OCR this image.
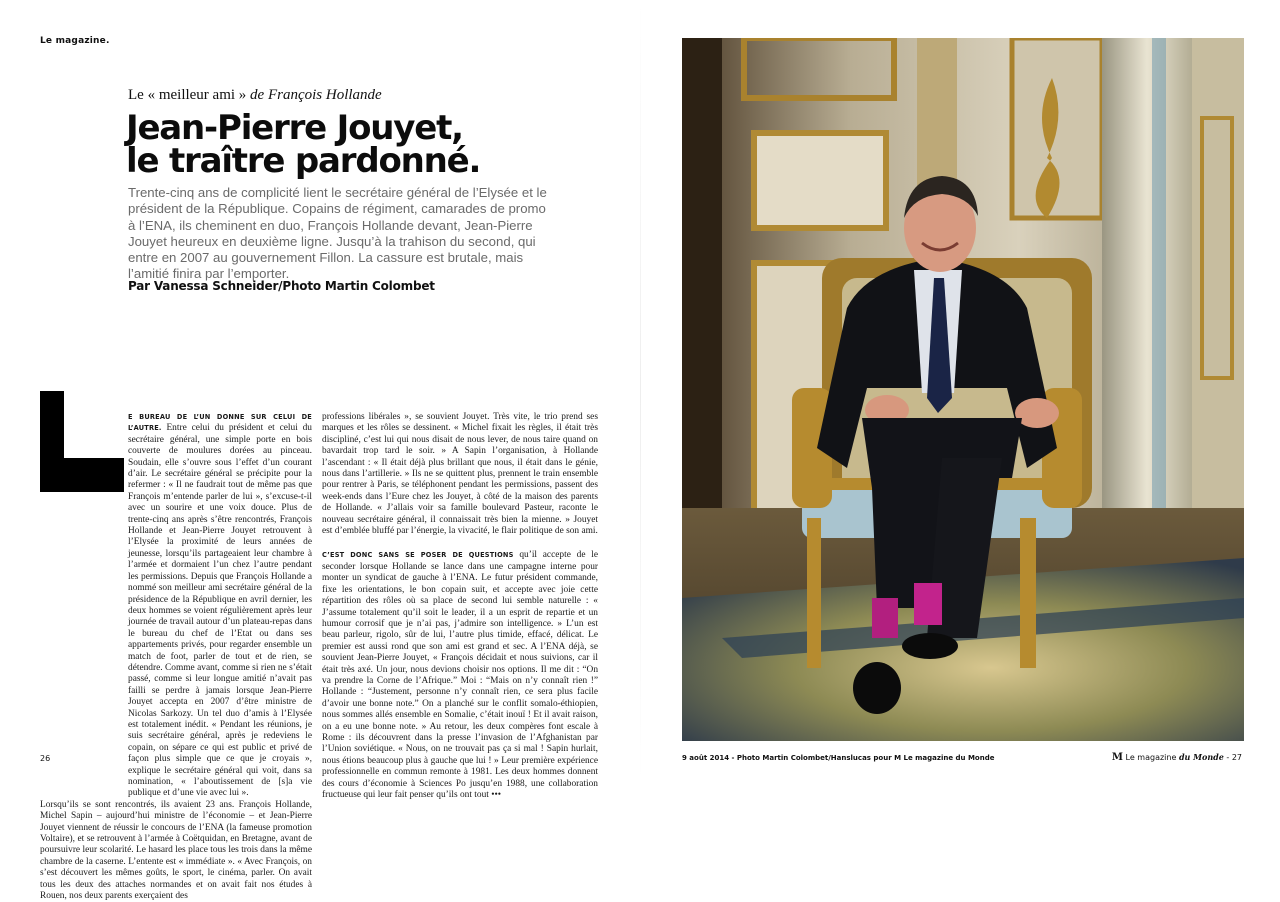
Le magazine.
Le « meilleur ami » de François Hollande
Jean-Pierre Jouyet,
le traître pardonné.

Trente-cinq ans de complicité lient le secrétaire général de l’Elysée et le président de la République. Copains de régiment, camarades de promo à l’ENA, ils cheminent en duo, François Hollande devant, Jean-Pierre Jouyet heureux en deuxième ligne. Jusqu’à la trahison du second, qui entre en 2007 au gouvernement Fillon. La cassure est brutale, mais l’amitié finira par l’emporter.

Par Vanessa Schneider/Photo Martin Colombet

E BUREAU DE L’UN DONNE SUR CELUI DE L’AUTRE. Entre celui du président et celui du secrétaire général, une simple porte en bois couverte de moulures dorées au pinceau. Soudain, elle s’ouvre sous l’effet d’un courant d’air. Le secrétaire général se précipite pour la refermer : « Il ne faudrait tout de même pas que François m’entende parler de lui », s’excuse-t-il avec un sourire et une voix douce. Plus de trente-cinq ans après s’être rencontrés, François Hollande et Jean-Pierre Jouyet retrouvent à l’Elysée la proximité de leurs années de jeunesse, lorsqu’ils partageaient leur chambre à l’armée et dormaient l’un chez l’autre pendant les permissions. Depuis que François Hollande a nommé son meilleur ami secrétaire général de la présidence de la République en avril dernier, les deux hommes se voient régulièrement après leur journée de travail autour d’un plateau-repas dans le bureau du chef de l’Etat ou dans ses appartements privés, pour regarder ensemble un match de foot, parler de tout et de rien, se détendre. Comme avant, comme si rien ne s’était passé, comme si leur longue amitié n’avait pas failli se perdre à jamais lorsque Jean-Pierre Jouyet accepta en 2007 d’être ministre de Nicolas Sarkozy. Un tel duo d’amis à l’Elysée est totalement inédit. « Pendant les réunions, je suis secrétaire général, après je redeviens le copain, on sépare ce qui est public et privé de façon plus simple que ce que je croyais », explique le secrétaire général qui voit, dans sa nomination, « l’aboutissement de [s]a vie publique et d’une vie avec lui ».

Lorsqu’ils se sont rencontrés, ils avaient 23 ans. François Hollande, Michel Sapin – aujourd’hui ministre de l’économie – et Jean-Pierre Jouyet viennent de réussir le concours de l’ENA (la fameuse promotion Voltaire), et se retrouvent à l’armée à Coëtquidan, en Bretagne, avant de poursuivre leur scolarité. Le hasard les place tous les trois dans la même chambre de la caserne. L’entente est « immédiate ». « Avec François, on s’est découvert les mêmes goûts, le sport, le cinéma, parler. On avait tous les deux des attaches normandes et on avait fait nos études à Rouen, nos deux parents exerçaient des

professions libérales », se souvient Jouyet. Très vite, le trio prend ses marques et les rôles se dessinent. « Michel fixait les règles, il était très discipliné, c’est lui qui nous disait de nous lever, de nous taire quand on bavardait trop tard le soir. » A Sapin l’organisation, à Hollande l’ascendant : « Il était déjà plus brillant que nous, il était dans le génie, nous dans l’artillerie. » Ils ne se quittent plus, prennent le train ensemble pour rentrer à Paris, se téléphonent pendant les permissions, passent des week-ends dans l’Eure chez les Jouyet, à côté de la maison des parents de Hollande. « J’allais voir sa famille boulevard Pasteur, raconte le nouveau secrétaire général, il connaissait très bien la mienne. » Jouyet est d’emblée bluffé par l’énergie, la vivacité, le flair politique de son ami.

C’EST DONC SANS SE POSER DE QUESTIONS qu’il accepte de le seconder lorsque Hollande se lance dans une campagne interne pour monter un syndicat de gauche à l’ENA. Le futur président commande, fixe les orientations, le bon copain suit, et accepte avec joie cette répartition des rôles où sa place de second lui semble naturelle : « J’assume totalement qu’il soit le leader, il a un esprit de repartie et un humour corrosif que je n’ai pas, j’admire son intelligence. » L’un est beau parleur, rigolo, sûr de lui, l’autre plus timide, effacé, délicat. Le premier est aussi rond que son ami est grand et sec. A l’ENA déjà, se souvient Jean-Pierre Jouyet, « François décidait et nous suivions, car il était très axé. Un jour, nous devions choisir nos options. Il me dit : “On va prendre la Corne de l’Afrique.” Moi : “Mais on n’y connaît rien !” Hollande : “Justement, personne n’y connaît rien, ce sera plus facile d’avoir une bonne note.” On a planché sur le conflit somalo-éthiopien, nous sommes allés ensemble en Somalie, c’était inouï ! Et il avait raison, on a eu une bonne note. » Au retour, les deux compères font escale à Rome : ils découvrent dans la presse l’invasion de l’Afghanistan par l’Union soviétique. « Nous, on ne trouvait pas ça si mal ! Sapin hurlait, nous étions beaucoup plus à gauche que lui ! » Leur première expérience professionnelle en commun remonte à 1981. Les deux hommes donnent des cours d’économie à Sciences Po jusqu’en 1988, une collaboration fructueuse qui leur fait penser qu’ils ont tout •••

26	9 août 2014 - Photo Martin Colombet/Hanslucas pour M Le magazine du Monde	M Le magazine du Monde - 27
